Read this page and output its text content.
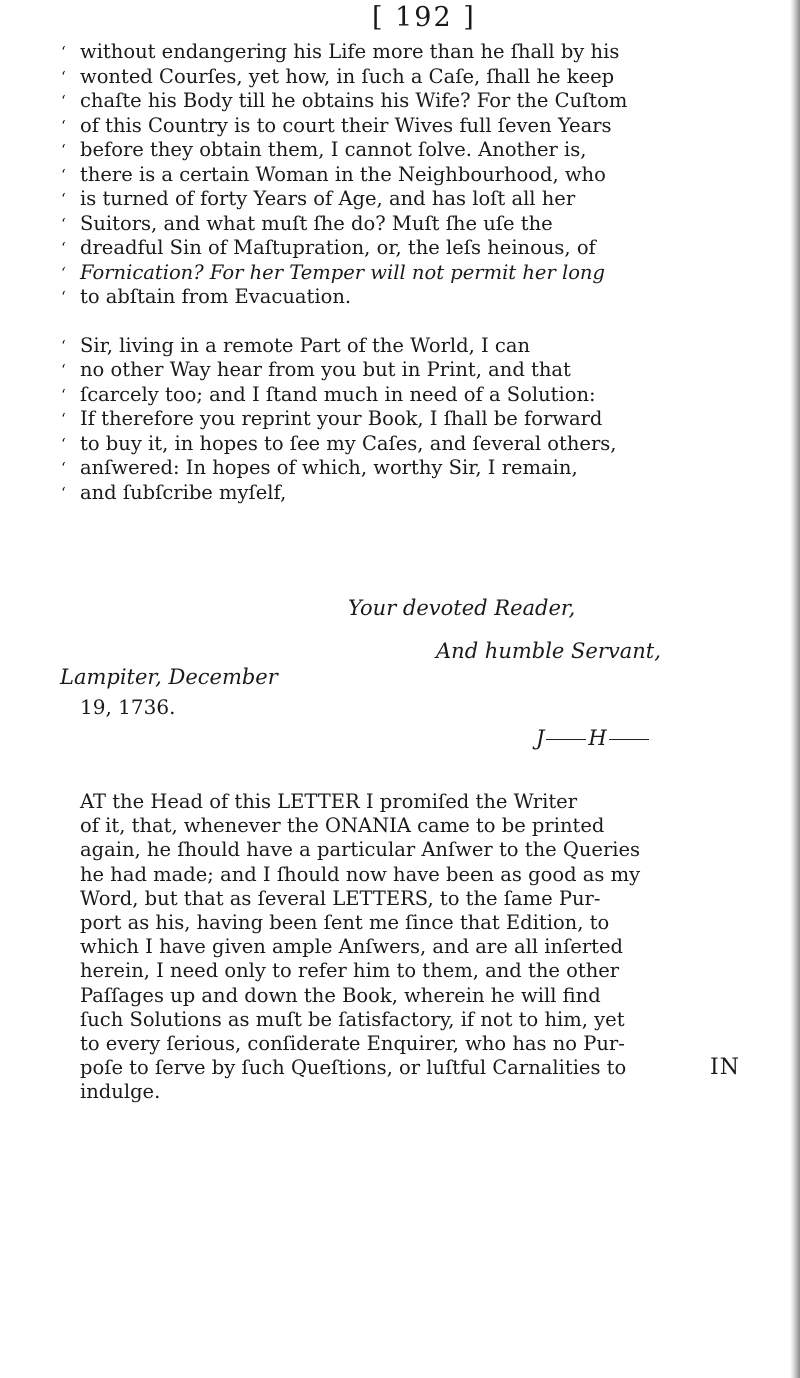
[ 192 ]
‘ without endangering his Life more than he ſhall by his
‘ wonted Courſes, yet how, in ſuch a Caſe, ſhall he keep
‘ chaſte his Body till he obtains his Wife? For the Cuſtom
‘ of this Country is to court their Wives full ſeven Years
‘ before they obtain them, I cannot ſolve. Another is,
‘ there is a certain Woman in the Neighbourhood, who
‘ is turned of forty Years of Age, and has loſt all her
‘ Suitors, and what muſt ſhe do? Muſt ſhe uſe the
‘ dreadful Sin of Maſtupration, or, the leſs heinous, of
‘ Fornication? For her Temper will not permit her long
‘ to abſtain from Evacuation.
‘ Sir, living in a remote Part of the World, I can
‘ no other Way hear from you but in Print, and that
‘ ſcarcely too; and I ſtand much in need of a Solution:
‘ If therefore you reprint your Book, I ſhall be forward
‘ to buy it, in hopes to ſee my Caſes, and ſeveral others,
‘ anſwered: In hopes of which, worthy Sir, I remain,
‘ and ſubſcribe myſelf,
Your devoted Reader,
And humble Servant,
Lampiter, December
19, 1736.
J H
AT the Head of this LETTER I promiſed the Writer
of it, that, whenever the ONANIA came to be printed
again, he ſhould have a particular Anſwer to the Queries
he had made; and I ſhould now have been as good as my
Word, but that as ſeveral LETTERS, to the ſame Pur-
port as his, having been ſent me ſince that Edition, to
which I have given ample Anſwers, and are all inſerted
herein, I need only to refer him to them, and the other
Paſſages up and down the Book, wherein he will find
ſuch Solutions as muſt be ſatisfactory, if not to him, yet
to every ſerious, conſiderate Enquirer, who has no Pur-
poſe to ſerve by ſuch Queſtions, or luſtful Carnalities to
indulge.
IN
